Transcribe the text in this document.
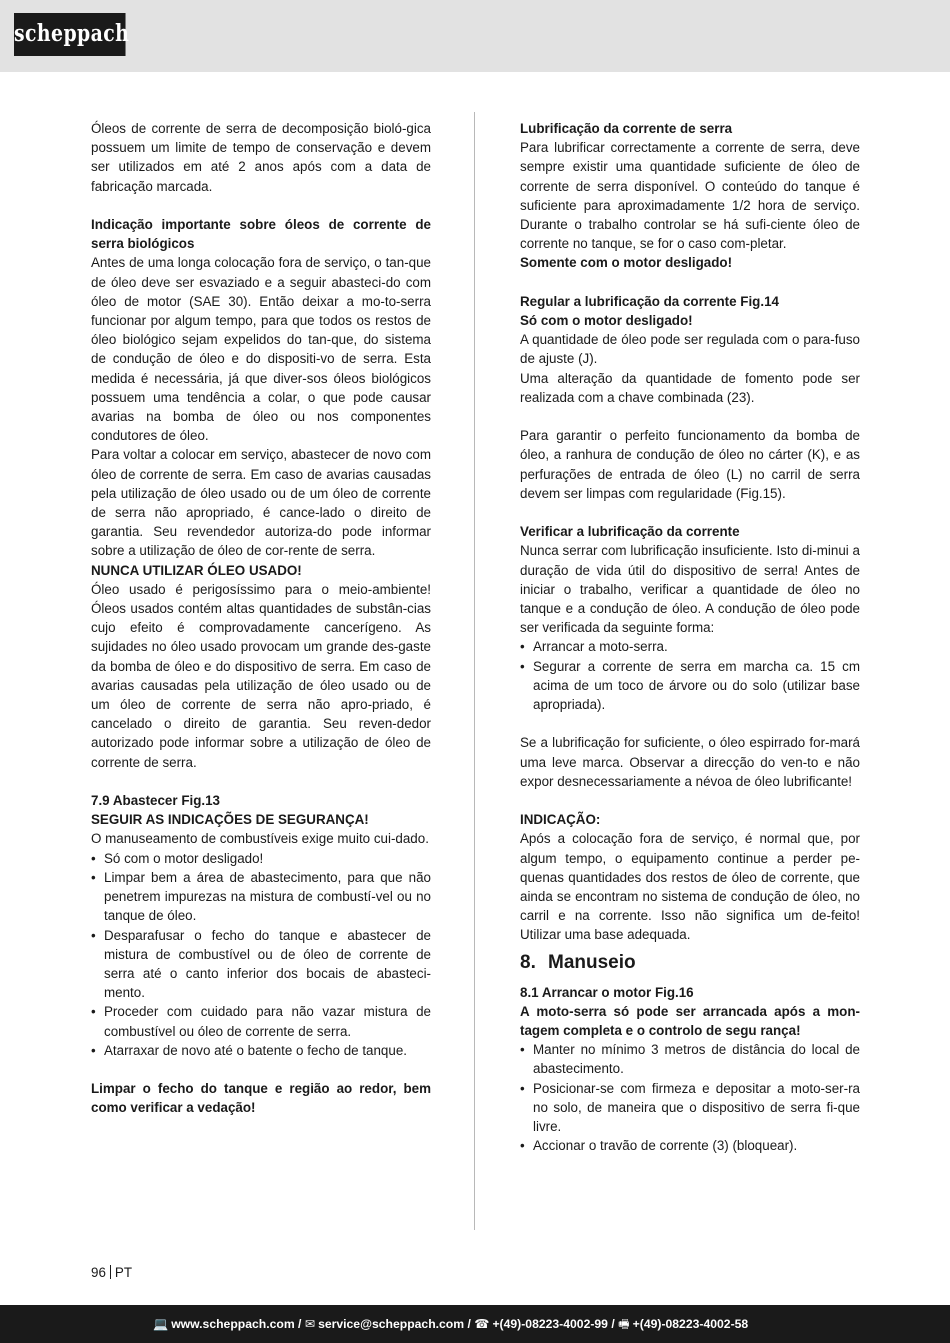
scheppach

Óleos de corrente de serra de decomposição bioló-gica possuem um limite de tempo de conservação e devem ser utilizados em até 2 anos após com a data de fabricação marcada.

Indicação importante sobre óleos de corrente de serra biológicos

Antes de uma longa colocação fora de serviço, o tan-que de óleo deve ser esvaziado e a seguir abasteci-do com óleo de motor (SAE 30). Então deixar a mo-to-serra funcionar por algum tempo, para que todos os restos de óleo biológico sejam expelidos do tan-que, do sistema de condução de óleo e do dispositi-vo de serra. Esta medida é necessária, já que diver-sos óleos biológicos possuem uma tendência a colar, o que pode causar avarias na bomba de óleo ou nos componentes condutores de óleo.

Para voltar a colocar em serviço, abastecer de novo com óleo de corrente de serra. Em caso de avarias causadas pela utilização de óleo usado ou de um óleo de corrente de serra não apropriado, é cance-lado o direito de garantia. Seu revendedor autoriza-do pode informar sobre a utilização de óleo de cor-rente de serra.

NUNCA UTILIZAR ÓLEO USADO!

Óleo usado é perigosíssimo para o meio-ambiente! Óleos usados contém altas quantidades de substân-cias cujo efeito é comprovadamente cancerígeno. As sujidades no óleo usado provocam um grande des-gaste da bomba de óleo e do dispositivo de serra. Em caso de avarias causadas pela utilização de óleo usado ou de um óleo de corrente de serra não apro-priado, é cancelado o direito de garantia. Seu reven-dedor autorizado pode informar sobre a utilização de óleo de corrente de serra.

7.9 Abastecer Fig.13

SEGUIR AS INDICAÇÕES DE SEGURANÇA!

O manuseamento de combustíveis exige muito cui-dado.

• Só com o motor desligado!
• Limpar bem a área de abastecimento, para que não penetrem impurezas na mistura de combustí-vel ou no tanque de óleo.
• Desparafusar o fecho do tanque e abastecer de mistura de combustível ou de óleo de corrente de serra até o canto inferior dos bocais de abasteci-mento.
• Proceder com cuidado para não vazar mistura de combustível ou óleo de corrente de serra.
• Atarraxar de novo até o batente o fecho de tanque.

Limpar o fecho do tanque e região ao redor, bem como verificar a vedação!

Lubrificação da corrente de serra

Para lubrificar correctamente a corrente de serra, deve sempre existir uma quantidade suficiente de óleo de corrente de serra disponível. O conteúdo do tanque é suficiente para aproximadamente 1/2 hora de serviço. Durante o trabalho controlar se há sufi-ciente óleo de corrente no tanque, se for o caso com-pletar.

Somente com o motor desligado!

Regular a lubrificação da corrente Fig.14

Só com o motor desligado!

A quantidade de óleo pode ser regulada com o para-fuso de ajuste (J).

Uma alteração da quantidade de fomento pode ser realizada com a chave combinada (23).

Para garantir o perfeito funcionamento da bomba de óleo, a ranhura de condução de óleo no cárter (K), e as perfurações de entrada de óleo (L) no carril de serra devem ser limpas com regularidade (Fig.15).

Verificar a lubrificação da corrente

Nunca serrar com lubrificação insuficiente. Isto di-minui a duração de vida útil do dispositivo de serra! Antes de iniciar o trabalho, verificar a quantidade de óleo no tanque e a condução de óleo. A condução de óleo pode ser verificada da seguinte forma:

• Arrancar a moto-serra.
• Segurar a corrente de serra em marcha ca. 15 cm acima de um toco de árvore ou do solo (utilizar base apropriada).

Se a lubrificação for suficiente, o óleo espirrado for-mará uma leve marca. Observar a direcção do ven-to e não expor desnecessariamente a névoa de óleo lubrificante!

INDICAÇÃO:

Após a colocação fora de serviço, é normal que, por algum tempo, o equipamento continue a perder pe-quenas quantidades dos restos de óleo de corrente, que ainda se encontram no sistema de condução de óleo, no carril e na corrente. Isso não significa um de-feito! Utilizar uma base adequada.

8. Manuseio

8.1 Arrancar o motor Fig.16

A moto-serra só pode ser arrancada após a mon-tagem completa e o controlo de segu rança!

• Manter no mínimo 3 metros de distância do local de abastecimento.
• Posicionar-se com firmeza e depositar a moto-ser-ra no solo, de maneira que o dispositivo de serra fi-que livre.
• Accionar o travão de corrente (3) (bloquear).
96 PT
💻 www.scheppach.com / ✉ service@scheppach.com / ☎ +(49)-08223-4002-99 / 🖷 +(49)-08223-4002-58
